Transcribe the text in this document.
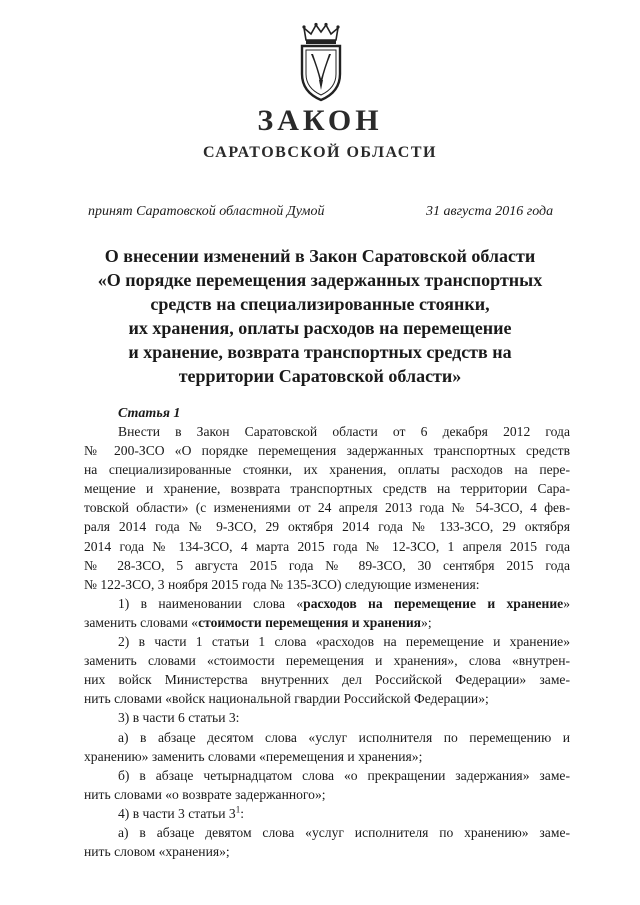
ЗАКОН
САРАТОВСКОЙ ОБЛАСТИ
принят Саратовской областной Думой	31 августа 2016 года
О внесении изменений в Закон Саратовской области
«О порядке перемещения задержанных транспортных
средств на специализированные стоянки,
их хранения, оплаты расходов на перемещение
и хранение, возврата транспортных средств на
территории Саратовской области»
Статья 1
Внести в Закон Саратовской области от 6 декабря 2012 года
№ 200-ЗСО «О порядке перемещения задержанных транспортных средств
на специализированные стоянки, их хранения, оплаты расходов на пере-
мещение и хранение, возврата транспортных средств на территории Сара-
товской области» (с изменениями от 24 апреля 2013 года № 54-ЗСО, 4 фев-
раля 2014 года № 9-ЗСО, 29 октября 2014 года № 133-ЗСО, 29 октября
2014 года № 134-ЗСО, 4 марта 2015 года № 12-ЗСО, 1 апреля 2015 года
№ 28-ЗСО, 5 августа 2015 года № 89-ЗСО, 30 сентября 2015 года
№ 122-ЗСО, 3 ноября 2015 года № 135-ЗСО) следующие изменения:
1) в наименовании слова «расходов на перемещение и хранение»
заменить словами «стоимости перемещения и хранения»;
2) в части 1 статьи 1 слова «расходов на перемещение и хранение»
заменить словами «стоимости перемещения и хранения», слова «внутрен-
них войск Министерства внутренних дел Российской Федерации» заме-
нить словами «войск национальной гвардии Российской Федерации»;
3) в части 6 статьи 3:
а) в абзаце десятом слова «услуг исполнителя по перемещению и
хранению» заменить словами «перемещения и хранения»;
б) в абзаце четырнадцатом слова «о прекращении задержания» заме-
нить словами «о возврате задержанного»;
4) в части 3 статьи $3^1$:
а) в абзаце девятом слова «услуг исполнителя по хранению» заме-
нить словом «хранения»;
